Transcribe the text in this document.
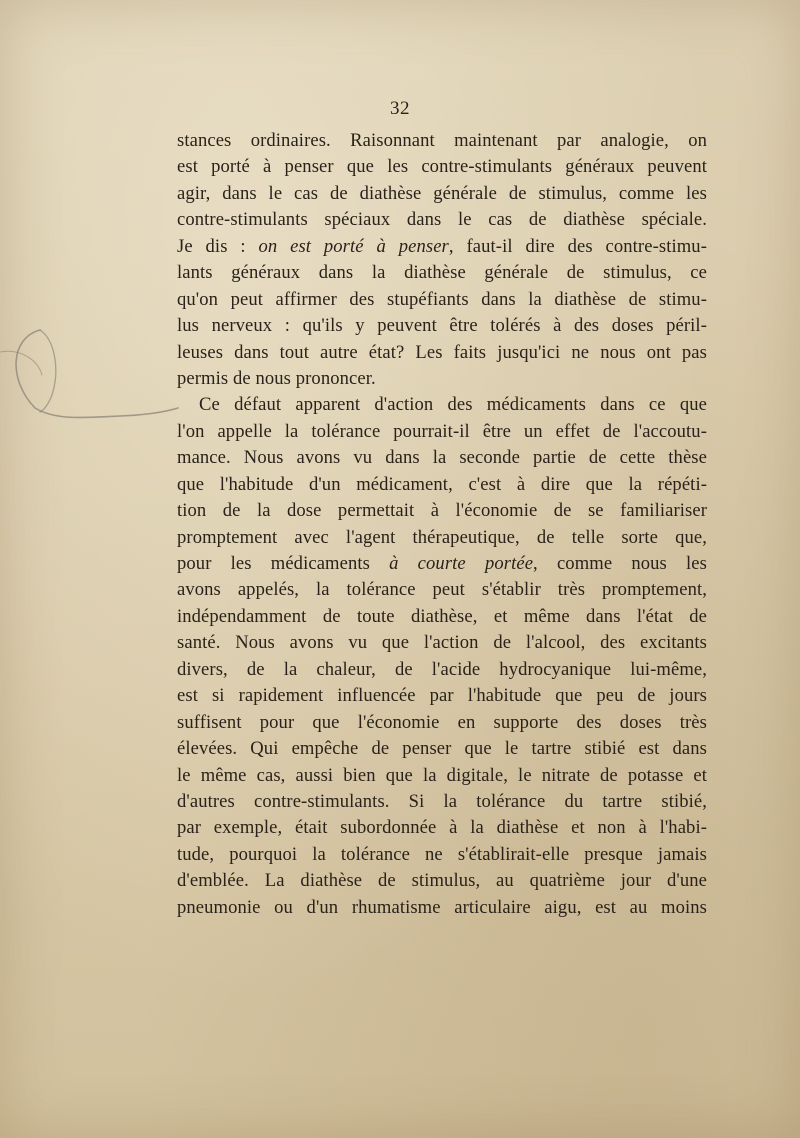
32
stances ordinaires. Raisonnant maintenant par analogie, on
est porté à penser que les contre-stimulants généraux peuvent
agir, dans le cas de diathèse générale de stimulus, comme les
contre-stimulants spéciaux dans le cas de diathèse spéciale.
Je dis : on est porté à penser, faut-il dire des contre-stimu-
lants généraux dans la diathèse générale de stimulus, ce
qu'on peut affirmer des stupéfiants dans la diathèse de stimu-
lus nerveux : qu'ils y peuvent être tolérés à des doses péril-
leuses dans tout autre état? Les faits jusqu'ici ne nous ont pas
permis de nous prononcer.
Ce défaut apparent d'action des médicaments dans ce que
l'on appelle la tolérance pourrait-il être un effet de l'accoutu-
mance. Nous avons vu dans la seconde partie de cette thèse
que l'habitude d'un médicament, c'est à dire que la répéti-
tion de la dose permettait à l'économie de se familiariser
promptement avec l'agent thérapeutique, de telle sorte que,
pour les médicaments à courte portée, comme nous les
avons appelés, la tolérance peut s'établir très promptement,
indépendamment de toute diathèse, et même dans l'état de
santé. Nous avons vu que l'action de l'alcool, des excitants
divers, de la chaleur, de l'acide hydrocyanique lui-même,
est si rapidement influencée par l'habitude que peu de jours
suffisent pour que l'économie en supporte des doses très
élevées. Qui empêche de penser que le tartre stibié est dans
le même cas, aussi bien que la digitale, le nitrate de potasse et
d'autres contre-stimulants. Si la tolérance du tartre stibié,
par exemple, était subordonnée à la diathèse et non à l'habi-
tude, pourquoi la tolérance ne s'établirait-elle presque jamais
d'emblée. La diathèse de stimulus, au quatrième jour d'une
pneumonie ou d'un rhumatisme articulaire aigu, est au moins
